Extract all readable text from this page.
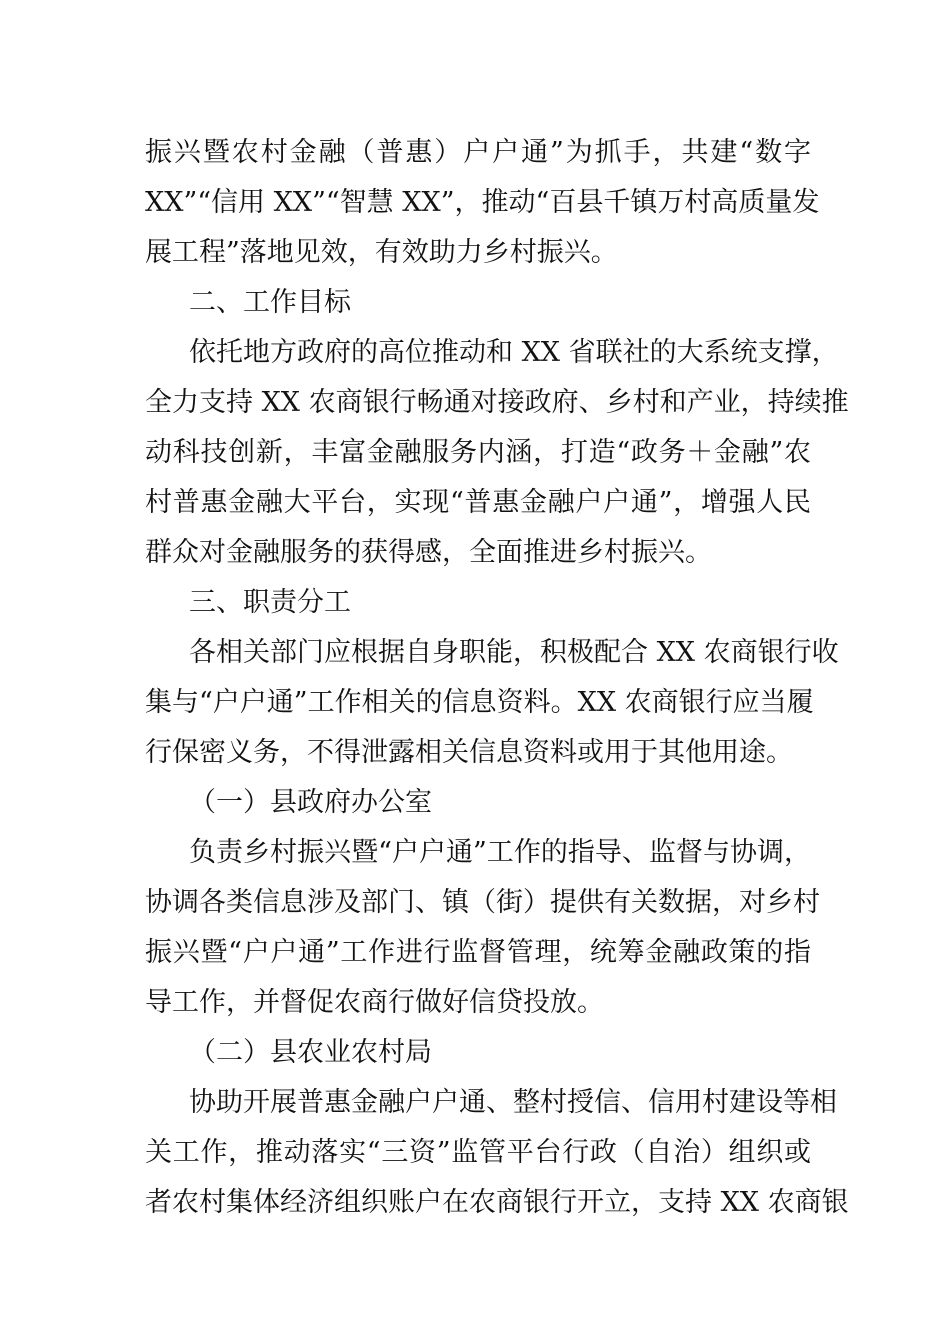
振兴暨农村金融（普惠）户户通”为抓手，共建“数字
XX”“信用 XX”“智慧 XX”，推动“百县千镇万村高质量发
展工程”落地见效，有效助力乡村振兴。
二、工作目标
依托地方政府的高位推动和 XX 省联社的大系统支撑，
全力支持 XX 农商银行畅通对接政府、乡村和产业，持续推
动科技创新，丰富金融服务内涵，打造“政务＋金融”农
村普惠金融大平台，实现“普惠金融户户通”，增强人民
群众对金融服务的获得感，全面推进乡村振兴。
三、职责分工
各相关部门应根据自身职能，积极配合 XX 农商银行收
集与“户户通”工作相关的信息资料。XX 农商银行应当履
行保密义务，不得泄露相关信息资料或用于其他用途。
（一）县政府办公室
负责乡村振兴暨“户户通”工作的指导、监督与协调，
协调各类信息涉及部门、镇（街）提供有关数据，对乡村
振兴暨“户户通”工作进行监督管理，统筹金融政策的指
导工作，并督促农商行做好信贷投放。
（二）县农业农村局
协助开展普惠金融户户通、整村授信、信用村建设等相
关工作，推动落实“三资”监管平台行政（自治）组织或
者农村集体经济组织账户在农商银行开立，支持 XX 农商银
